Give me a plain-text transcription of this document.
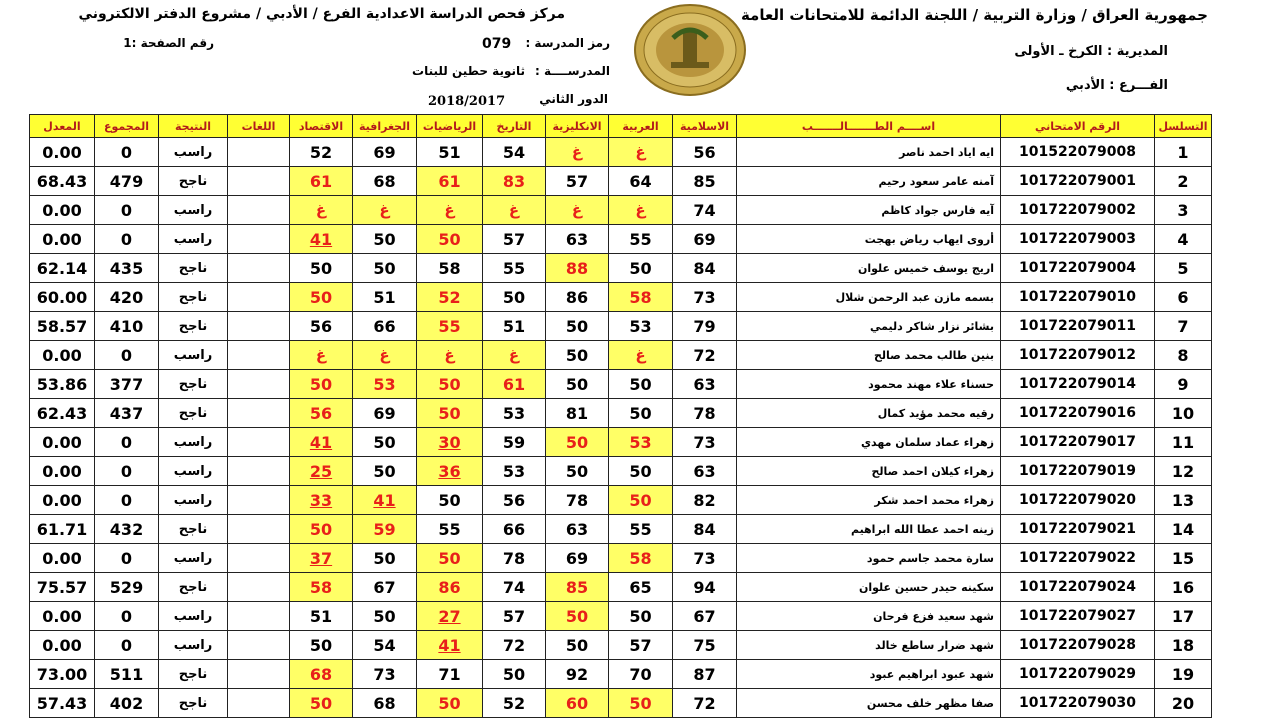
جمهورية العراق / وزارة التربية / اللجنة الدائمة للامتحانات العامة
مركز فحص الدراسة الاعدادية الفرع / الأدبي / مشروع الدفتر الالكتروني
المديرية : الكرخ ـ الأولى
الفـــرع : الأدبي
رمز المدرسة :
079
المدرســــة :
ثانوية حطين للبنات
الدور الثاني
2018/2017
رقم الصفحة :1
التسلسل	الرقم الامتحاني	اســــم الطـــــــالـــــــب	الاسلامية	العربية	الانكليزية	التاريخ	الرياضيات	الجغرافية	الاقتصاد	اللغات	النتيجة	المجموع	المعدل
1	101522079008	ايه اياد احمد ناصر	56	غ	غ	54	51	69	52		راسب	0	0.00
2	101722079001	آمنه عامر سعود رحيم	85	64	57	83	61	68	61		ناجح	479	68.43
3	101722079002	آيه فارس جواد كاظم	74	غ	غ	غ	غ	غ	غ		راسب	0	0.00
4	101722079003	أروى ايهاب رياض بهجت	69	55	63	57	50	50	41		راسب	0	0.00
5	101722079004	اريج يوسف خميس علوان	84	50	88	55	58	50	50		ناجح	435	62.14
6	101722079010	بسمه مازن عبد الرحمن شلال	73	58	86	50	52	51	50		ناجح	420	60.00
7	101722079011	بشائر نزار شاكر دليمي	79	53	50	51	55	66	56		ناجح	410	58.57
8	101722079012	بنين طالب محمد صالح	72	غ	50	غ	غ	غ	غ		راسب	0	0.00
9	101722079014	حسناء علاء مهند محمود	63	50	50	61	50	53	50		ناجح	377	53.86
10	101722079016	رقيه محمد مؤيد كمال	78	50	81	53	50	69	56		ناجح	437	62.43
11	101722079017	زهراء عماد سلمان مهدي	73	53	50	59	30	50	41		راسب	0	0.00
12	101722079019	زهراء كيلان احمد صالح	63	50	50	53	36	50	25		راسب	0	0.00
13	101722079020	زهراء محمد احمد شكر	82	50	78	56	50	41	33		راسب	0	0.00
14	101722079021	زينه احمد عطا الله ابراهيم	84	55	63	66	55	59	50		ناجح	432	61.71
15	101722079022	سارة محمد جاسم حمود	73	58	69	78	50	50	37		راسب	0	0.00
16	101722079024	سكينه حيدر حسين علوان	94	65	85	74	86	67	58		ناجح	529	75.57
17	101722079027	شهد سعيد فزع فرحان	67	50	50	57	27	50	51		راسب	0	0.00
18	101722079028	شهد ضرار ساطع خالد	75	57	50	72	41	54	50		راسب	0	0.00
19	101722079029	شهد عبود ابراهيم عبود	87	70	92	50	71	73	68		ناجح	511	73.00
20	101722079030	صفا مظهر خلف محسن	72	50	60	52	50	68	50		ناجح	402	57.43
